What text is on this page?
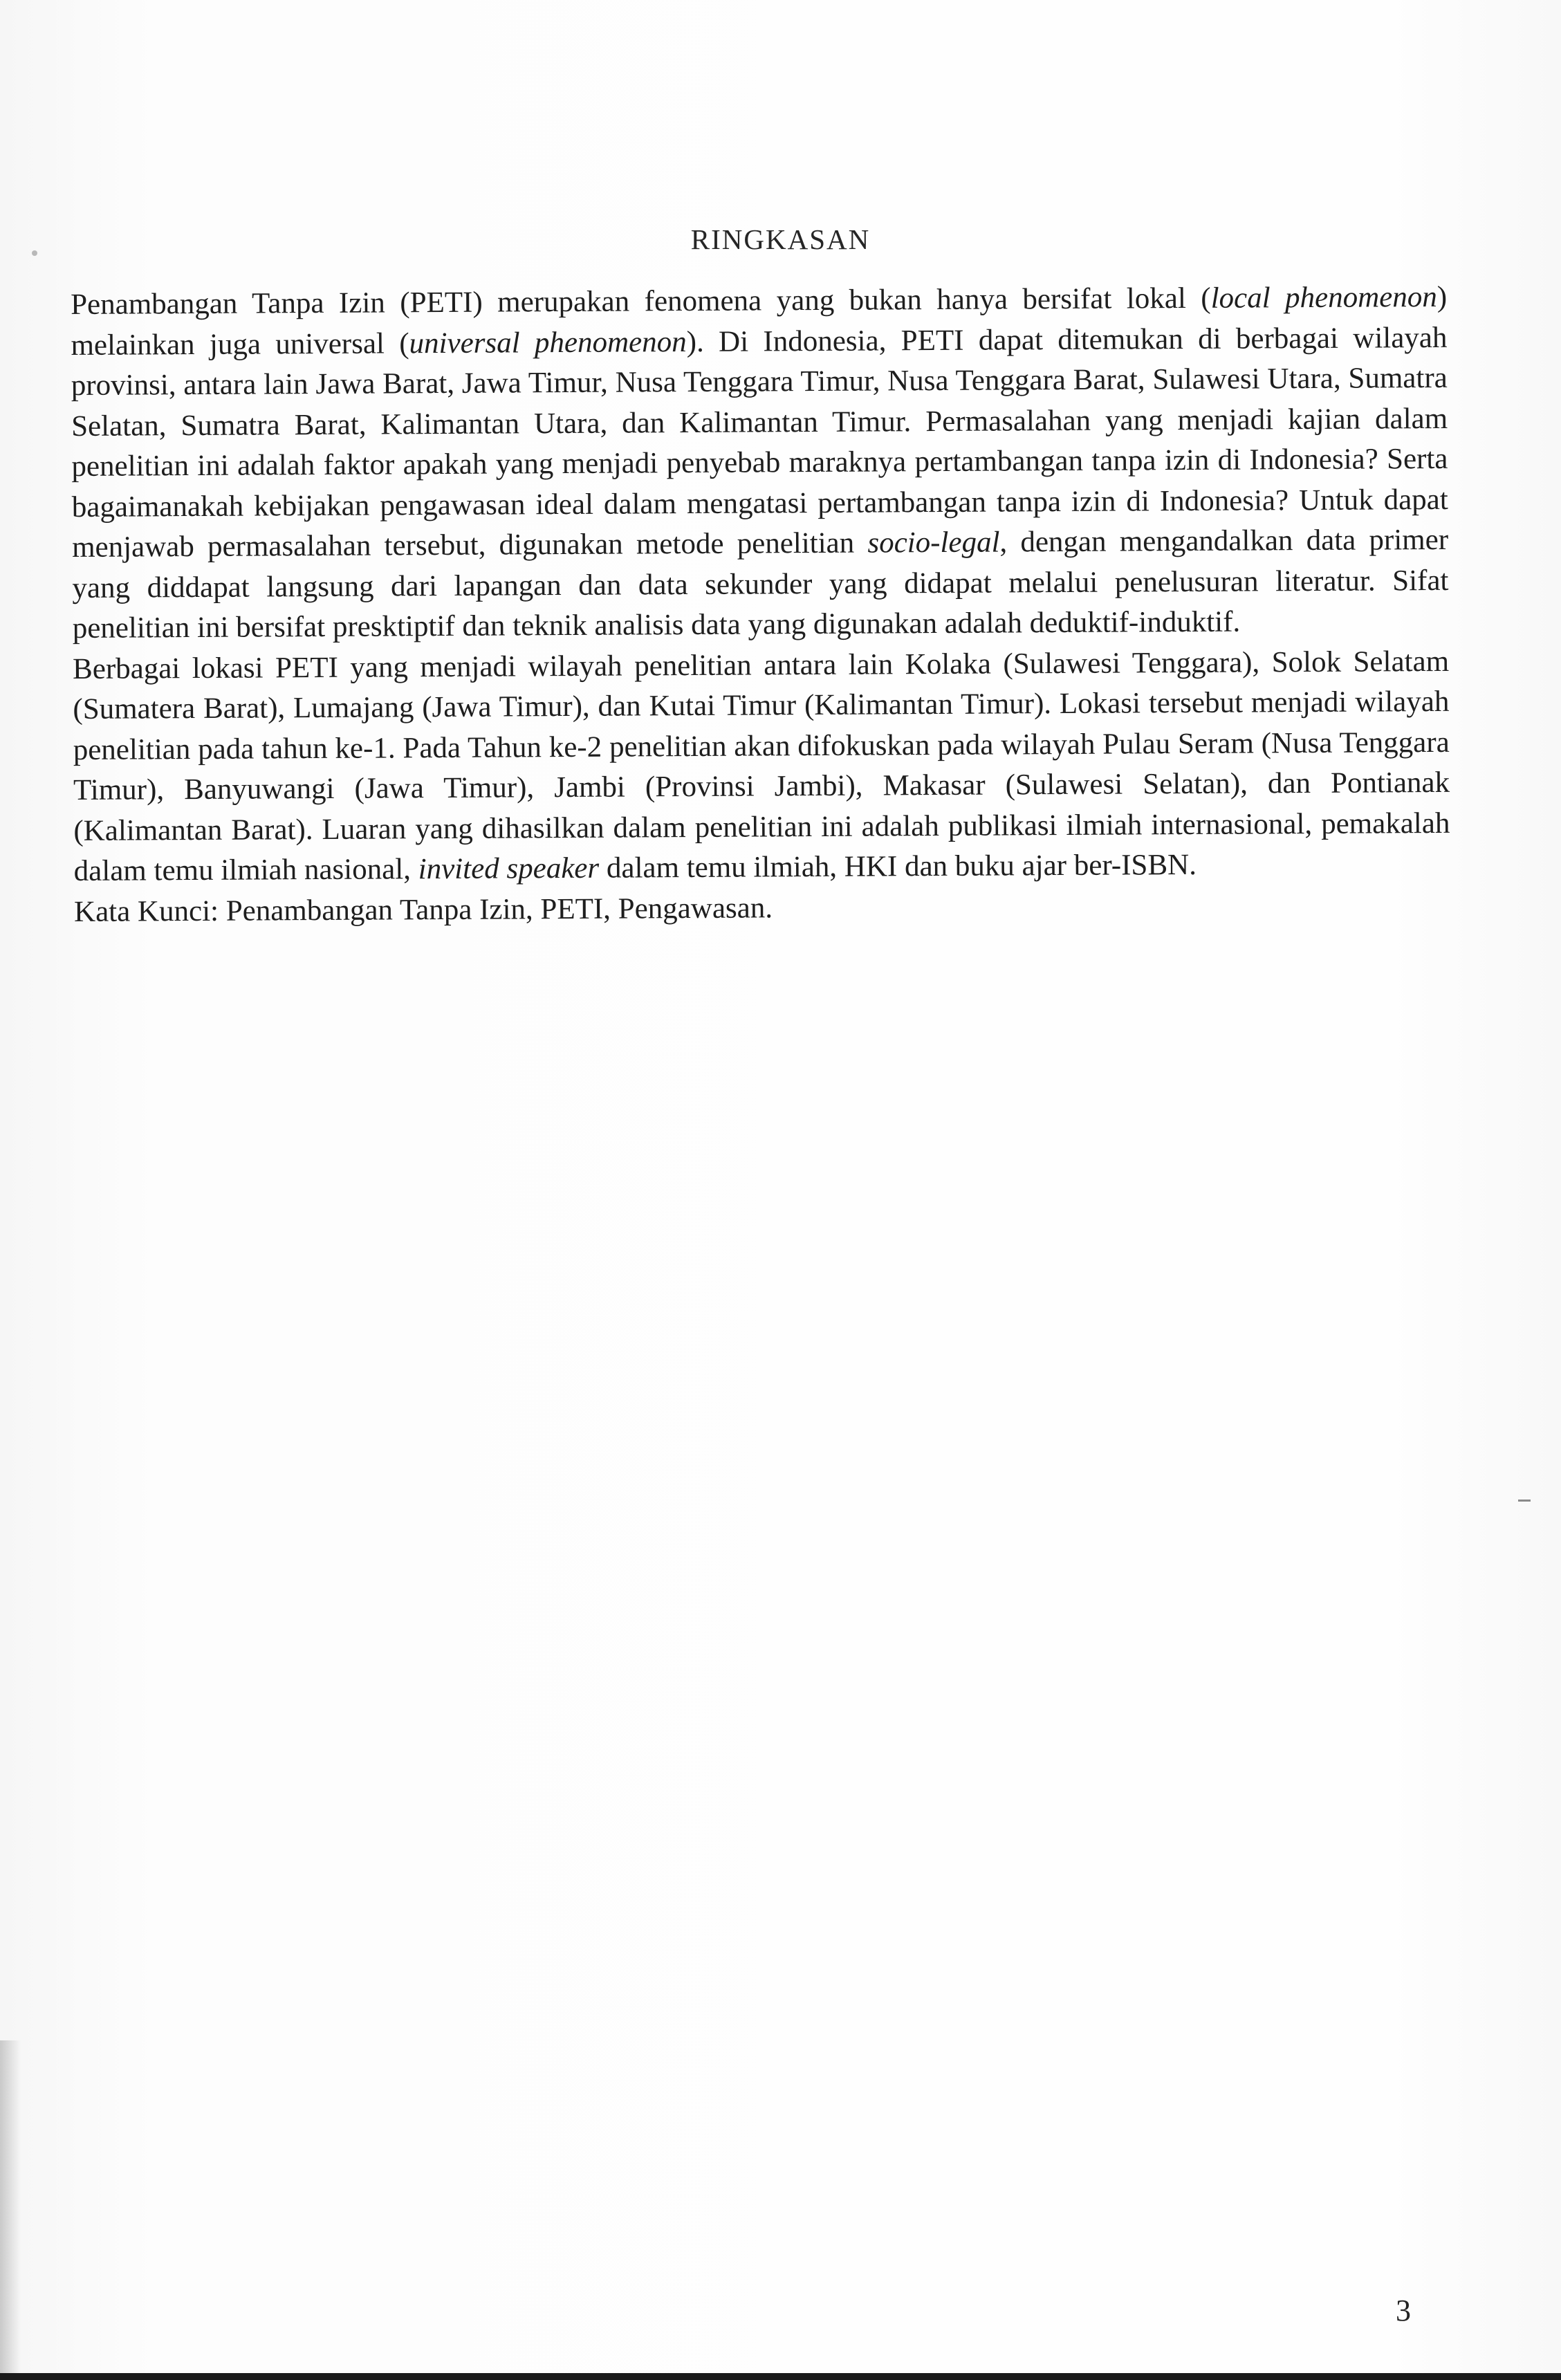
RINGKASAN

Penambangan Tanpa Izin (PETI) merupakan fenomena yang bukan hanya bersifat lokal (local phenomenon) melainkan juga universal (universal phenomenon). Di Indonesia, PETI dapat ditemukan di berbagai wilayah provinsi, antara lain Jawa Barat, Jawa Timur, Nusa Tenggara Timur, Nusa Tenggara Barat, Sulawesi Utara, Sumatra Selatan, Sumatra Barat, Kalimantan Utara, dan Kalimantan Timur. Permasalahan yang menjadi kajian dalam penelitian ini adalah faktor apakah yang menjadi penyebab maraknya pertambangan tanpa izin di Indonesia? Serta bagaimanakah kebijakan pengawasan ideal dalam mengatasi pertambangan tanpa izin di Indonesia? Untuk dapat menjawab permasalahan tersebut, digunakan metode penelitian socio-legal, dengan mengandalkan data primer yang diddapat langsung dari lapangan dan data sekunder yang didapat melalui penelusuran literatur. Sifat penelitian ini bersifat presktiptif dan teknik analisis data yang digunakan adalah deduktif-induktif.

Berbagai lokasi PETI yang menjadi wilayah penelitian antara lain Kolaka (Sulawesi Tenggara), Solok Selatam (Sumatera Barat), Lumajang (Jawa Timur), dan Kutai Timur (Kalimantan Timur). Lokasi tersebut menjadi wilayah penelitian pada tahun ke-1. Pada Tahun ke-2 penelitian akan difokuskan pada wilayah Pulau Seram (Nusa Tenggara Timur), Banyuwangi (Jawa Timur), Jambi (Provinsi Jambi), Makasar (Sulawesi Selatan), dan Pontianak (Kalimantan Barat). Luaran yang dihasilkan dalam penelitian ini adalah publikasi ilmiah internasional, pemakalah dalam temu ilmiah nasional, invited speaker dalam temu ilmiah, HKI dan buku ajar ber-ISBN.

Kata Kunci: Penambangan Tanpa Izin, PETI, Pengawasan.

3
